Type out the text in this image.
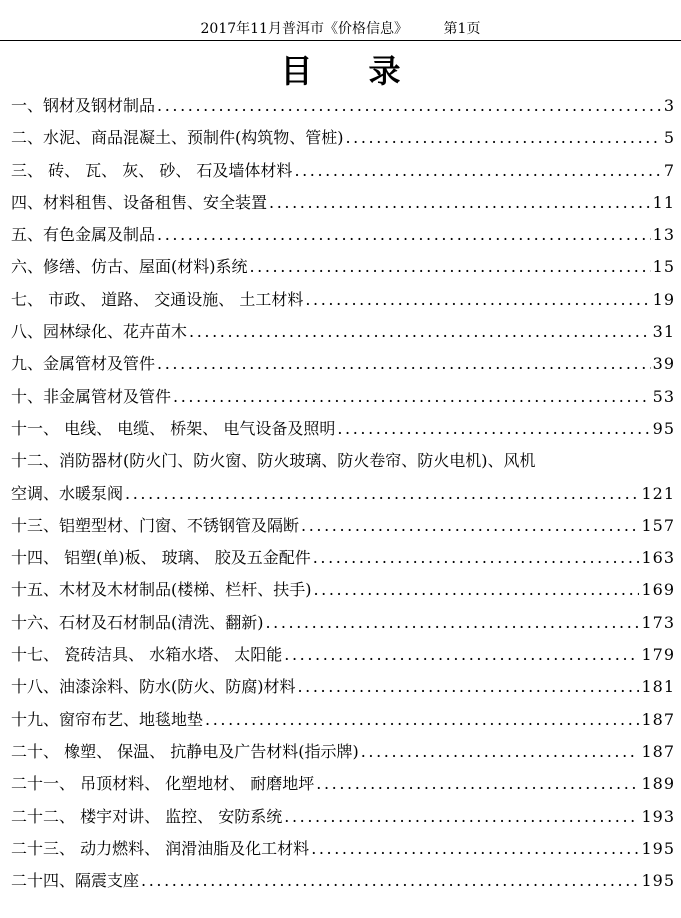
2017年11月普洱市《价格信息》        第1页
目录
一、钢材及钢材制品 .....	3
二、水泥、商品混凝土、预制件(构筑物、管桩) .....	5
三、 砖、 瓦、 灰、 砂、 石及墙体材料 .....	7
四、材料租售、设备租售、安全装置 .....	11
五、有色金属及制品 .....	13
六、修缮、仿古、屋面(材料)系统 .....	15
七、 市政、 道路、 交通设施、 土工材料 .....	19
八、园林绿化、花卉苗木 .....	31
九、金属管材及管件 .....	39
十、非金属管材及管件 .....	53
十一、 电线、 电缆、 桥架、 电气设备及照明 .....	95
十二、消防器材(防火门、防火窗、防火玻璃、防火卷帘、防火电机)、风机
空调、水暖泵阀 .....	121
十三、铝塑型材、门窗、不锈钢管及隔断 .....	157
十四、 铝塑(单)板、 玻璃、 胶及五金配件 .....	163
十五、木材及木材制品(楼梯、栏杆、扶手) .....	169
十六、石材及石材制品(清洗、翻新) .....	173
十七、 瓷砖洁具、 水箱水塔、 太阳能 .....	179
十八、油漆涂料、防水(防火、防腐)材料 .....	181
十九、窗帘布艺、地毯地垫 .....	187
二十、 橡塑、 保温、 抗静电及广告材料(指示牌) .....	187
二十一、 吊顶材料、 化塑地材、 耐磨地坪 .....	189
二十二、 楼宇对讲、 监控、 安防系统 .....	193
二十三、 动力燃料、 润滑油脂及化工材料 .....	195
二十四、隔震支座 .....	195
